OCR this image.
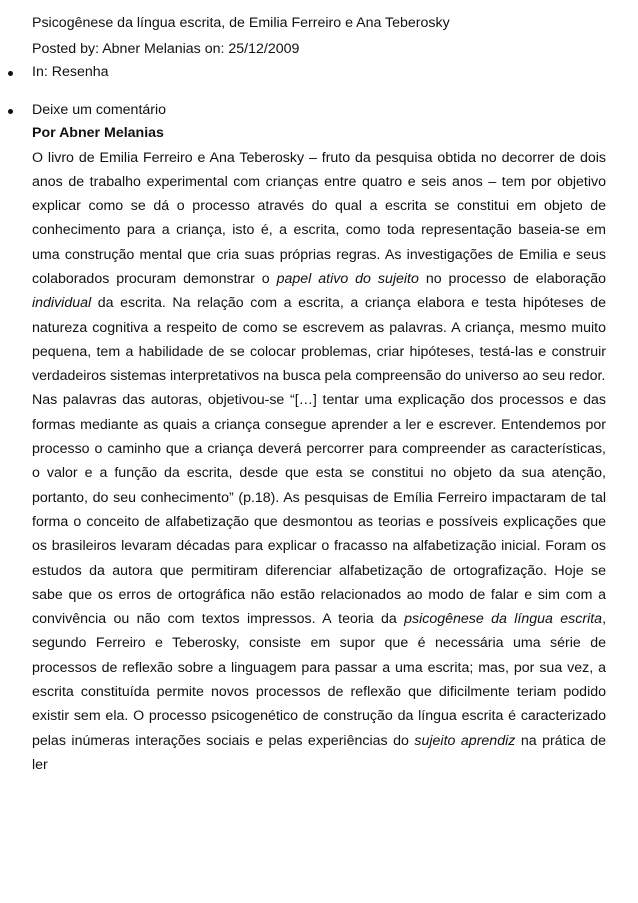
Psicogênese da língua escrita, de Emilia Ferreiro e Ana Teberosky

Posted by: Abner Melanias on: 25/12/2009

In: Resenha

Deixe um comentário

Por Abner Melanias

O livro de Emilia Ferreiro e Ana Teberosky – fruto da pesquisa obtida no decorrer de dois anos de trabalho experimental com crianças entre quatro e seis anos – tem por objetivo explicar como se dá o processo através do qual a escrita se constitui em objeto de conhecimento para a criança, isto é, a escrita, como toda representação baseia-se em uma construção mental que cria suas próprias regras. As investigações de Emilia e seus colaborados procuram demonstrar o papel ativo do sujeito no processo de elaboração individual da escrita. Na relação com a escrita, a criança elabora e testa hipóteses de natureza cognitiva a respeito de como se escrevem as palavras. A criança, mesmo muito pequena, tem a habilidade de se colocar problemas, criar hipóteses, testá-las e construir verdadeiros sistemas interpretativos na busca pela compreensão do universo ao seu redor.

Nas palavras das autoras, objetivou-se “[…] tentar uma explicação dos processos e das formas mediante as quais a criança consegue aprender a ler e escrever. Entendemos por processo o caminho que a criança deverá percorrer para compreender as características, o valor e a função da escrita, desde que esta se constitui no objeto da sua atenção, portanto, do seu conhecimento” (p.18). As pesquisas de Emília Ferreiro impactaram de tal forma o conceito de alfabetização que desmontou as teorias e possíveis explicações que os brasileiros levaram décadas para explicar o fracasso na alfabetização inicial. Foram os estudos da autora que permitiram diferenciar alfabetização de ortografização. Hoje se sabe que os erros de ortográfica não estão relacionados ao modo de falar e sim com a convivência ou não com textos impressos. A teoria da psicogênese da língua escrita, segundo Ferreiro e Teberosky, consiste em supor que é necessária uma série de processos de reflexão sobre a linguagem para passar a uma escrita; mas, por sua vez, a escrita constituída permite novos processos de reflexão que dificilmente teriam podido existir sem ela. O processo psicogenético de construção da língua escrita é caracterizado pelas inúmeras interações sociais e pelas experiências do sujeito aprendiz na prática de ler
